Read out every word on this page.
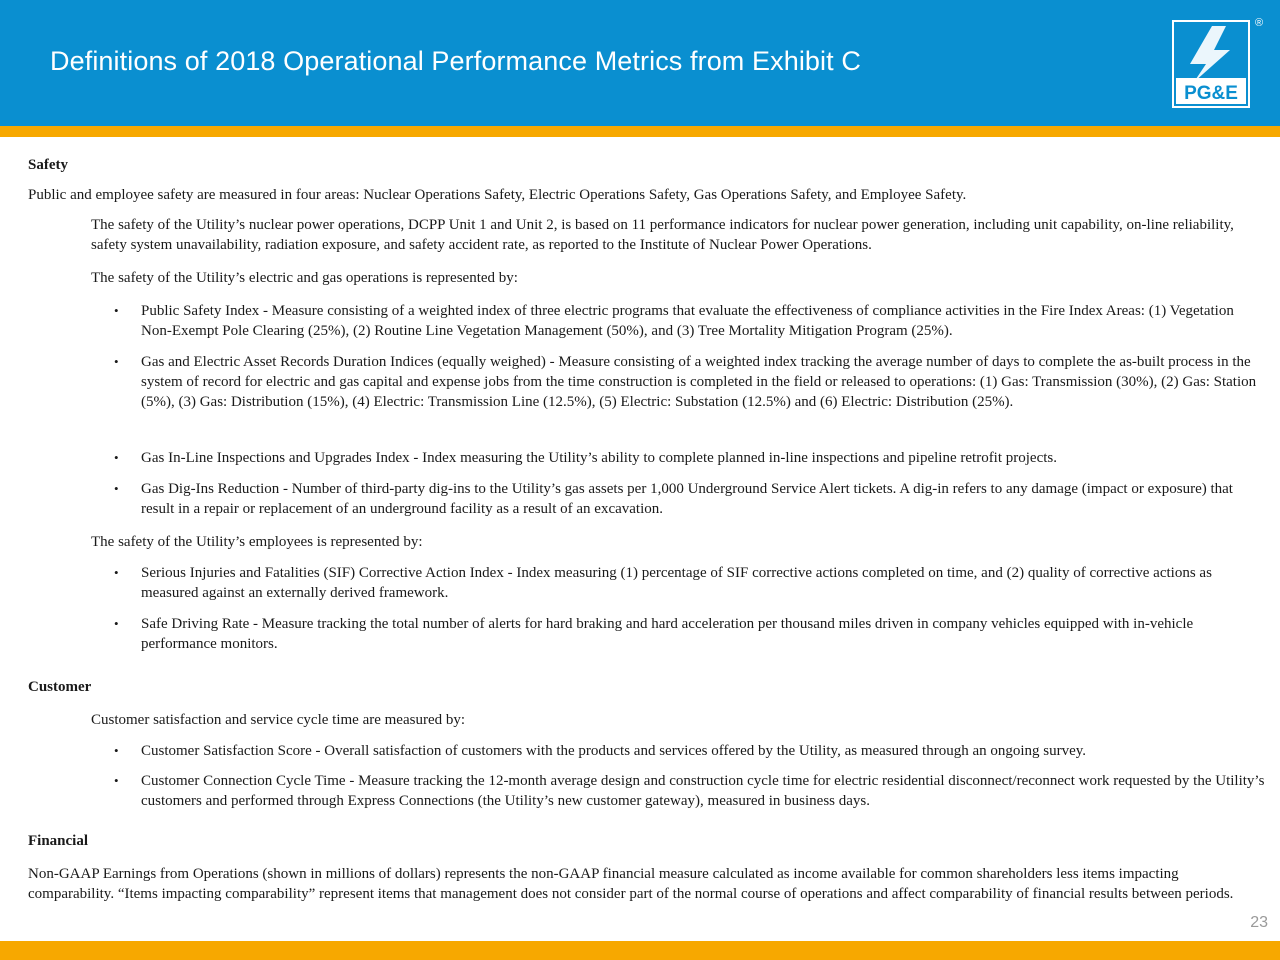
Definitions of 2018 Operational Performance Metrics from Exhibit C
PG&E
®
Safety
Public and employee safety are measured in four areas: Nuclear Operations Safety, Electric Operations Safety, Gas Operations Safety, and Employee Safety.
The safety of the Utility’s nuclear power operations, DCPP Unit 1 and Unit 2, is based on 11 performance indicators for nuclear power generation, including unit capability, on-line reliability, safety system unavailability, radiation exposure, and safety accident rate, as reported to the Institute of Nuclear Power Operations.
The safety of the Utility’s electric and gas operations is represented by:
•	Public Safety Index - Measure consisting of a weighted index of three electric programs that evaluate the effectiveness of compliance activities in the Fire Index Areas: (1) Vegetation Non-Exempt Pole Clearing (25%), (2) Routine Line Vegetation Management (50%), and (3) Tree Mortality Mitigation Program (25%).
•	Gas and Electric Asset Records Duration Indices (equally weighed) - Measure consisting of a weighted index tracking the average number of days to complete the as-built process in the system of record for electric and gas capital and expense jobs from the time construction is completed in the field or released to operations: (1) Gas: Transmission (30%), (2) Gas: Station (5%), (3) Gas: Distribution (15%), (4) Electric: Transmission Line (12.5%), (5) Electric: Substation (12.5%) and (6) Electric: Distribution (25%).
•	Gas In-Line Inspections and Upgrades Index - Index measuring the Utility’s ability to complete planned in-line inspections and pipeline retrofit projects.
•	Gas Dig-Ins Reduction - Number of third-party dig-ins to the Utility’s gas assets per 1,000 Underground Service Alert tickets. A dig-in refers to any damage (impact or exposure) that result in a repair or replacement of an underground facility as a result of an excavation.
The safety of the Utility’s employees is represented by:
•	Serious Injuries and Fatalities (SIF) Corrective Action Index - Index measuring (1) percentage of SIF corrective actions completed on time, and (2) quality of corrective actions as measured against an externally derived framework.
•	Safe Driving Rate - Measure tracking the total number of alerts for hard braking and hard acceleration per thousand miles driven in company vehicles equipped with in-vehicle performance monitors.
Customer
Customer satisfaction and service cycle time are measured by:
•	Customer Satisfaction Score - Overall satisfaction of customers with the products and services offered by the Utility, as measured through an ongoing survey.
•	Customer Connection Cycle Time - Measure tracking the 12-month average design and construction cycle time for electric residential disconnect/reconnect work requested by the Utility’s customers and performed through Express Connections (the Utility’s new customer gateway), measured in business days.
Financial
Non-GAAP Earnings from Operations (shown in millions of dollars) represents the non-GAAP financial measure calculated as income available for common shareholders less items impacting comparability. “Items impacting comparability” represent items that management does not consider part of the normal course of operations and affect comparability of financial results between periods.
23
